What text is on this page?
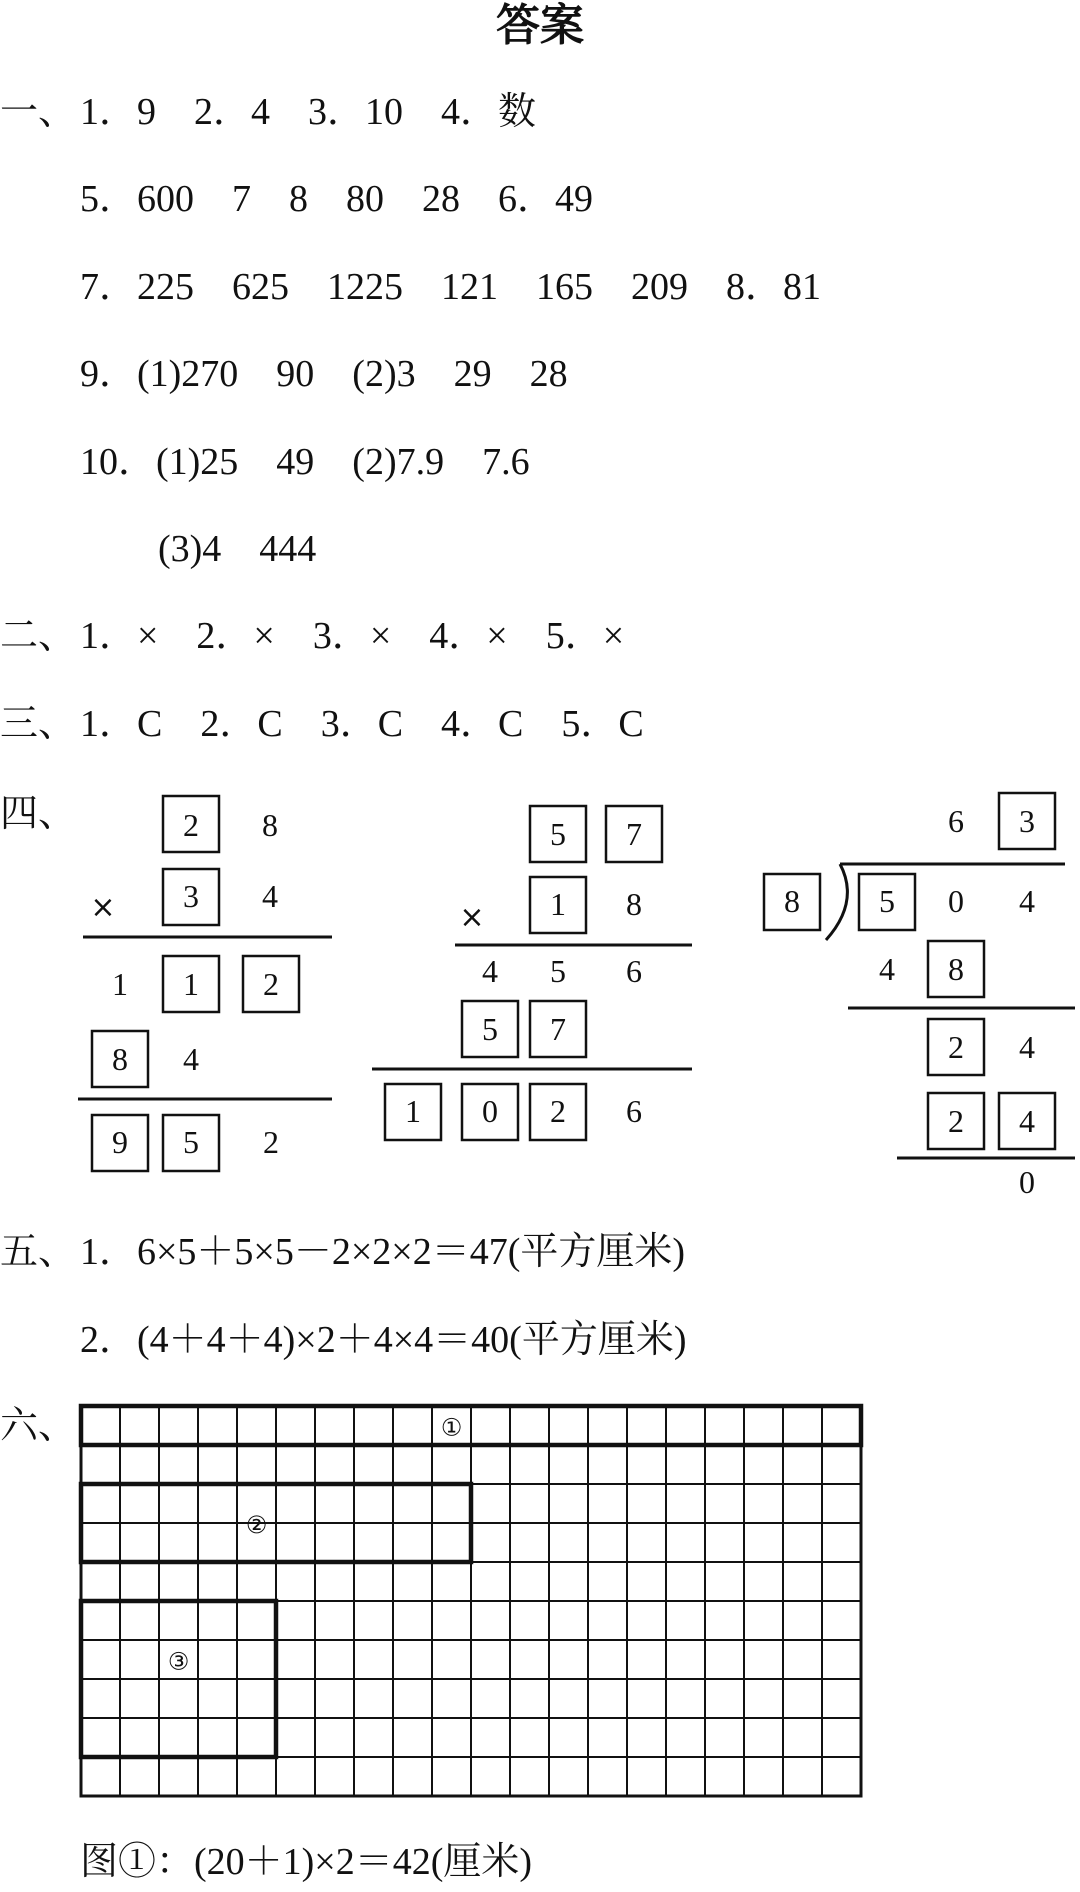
答案
一、 1．9　2．4　3．10　4．数
5．600　7　8　80　28　6．49
7．225　625　1225　121　165　209　8．81
9．(1)270　90　(2)3　29　28
10．(1)25　49　(2)7.9　7.6
(3)4　444
二、 1．×　2．×　3．×　4．×　5．×
三、 1．C　2．C　3．C　4．C　5．C
四、	2 8
× 3 4
1 1 2
8 4
9 5 2
5 7
× 1 8
4 5 6
5 7
1 0 2 6
6 3
8 5 0 4
4 8
2 4
2 4
0
五、 1．6×5＋5×5－2×2×2＝47(平方厘米)
2．(4＋4＋4)×2＋4×4＝40(平方厘米)
六、	①
②
③
图①：(20＋1)×2＝42(厘米)
